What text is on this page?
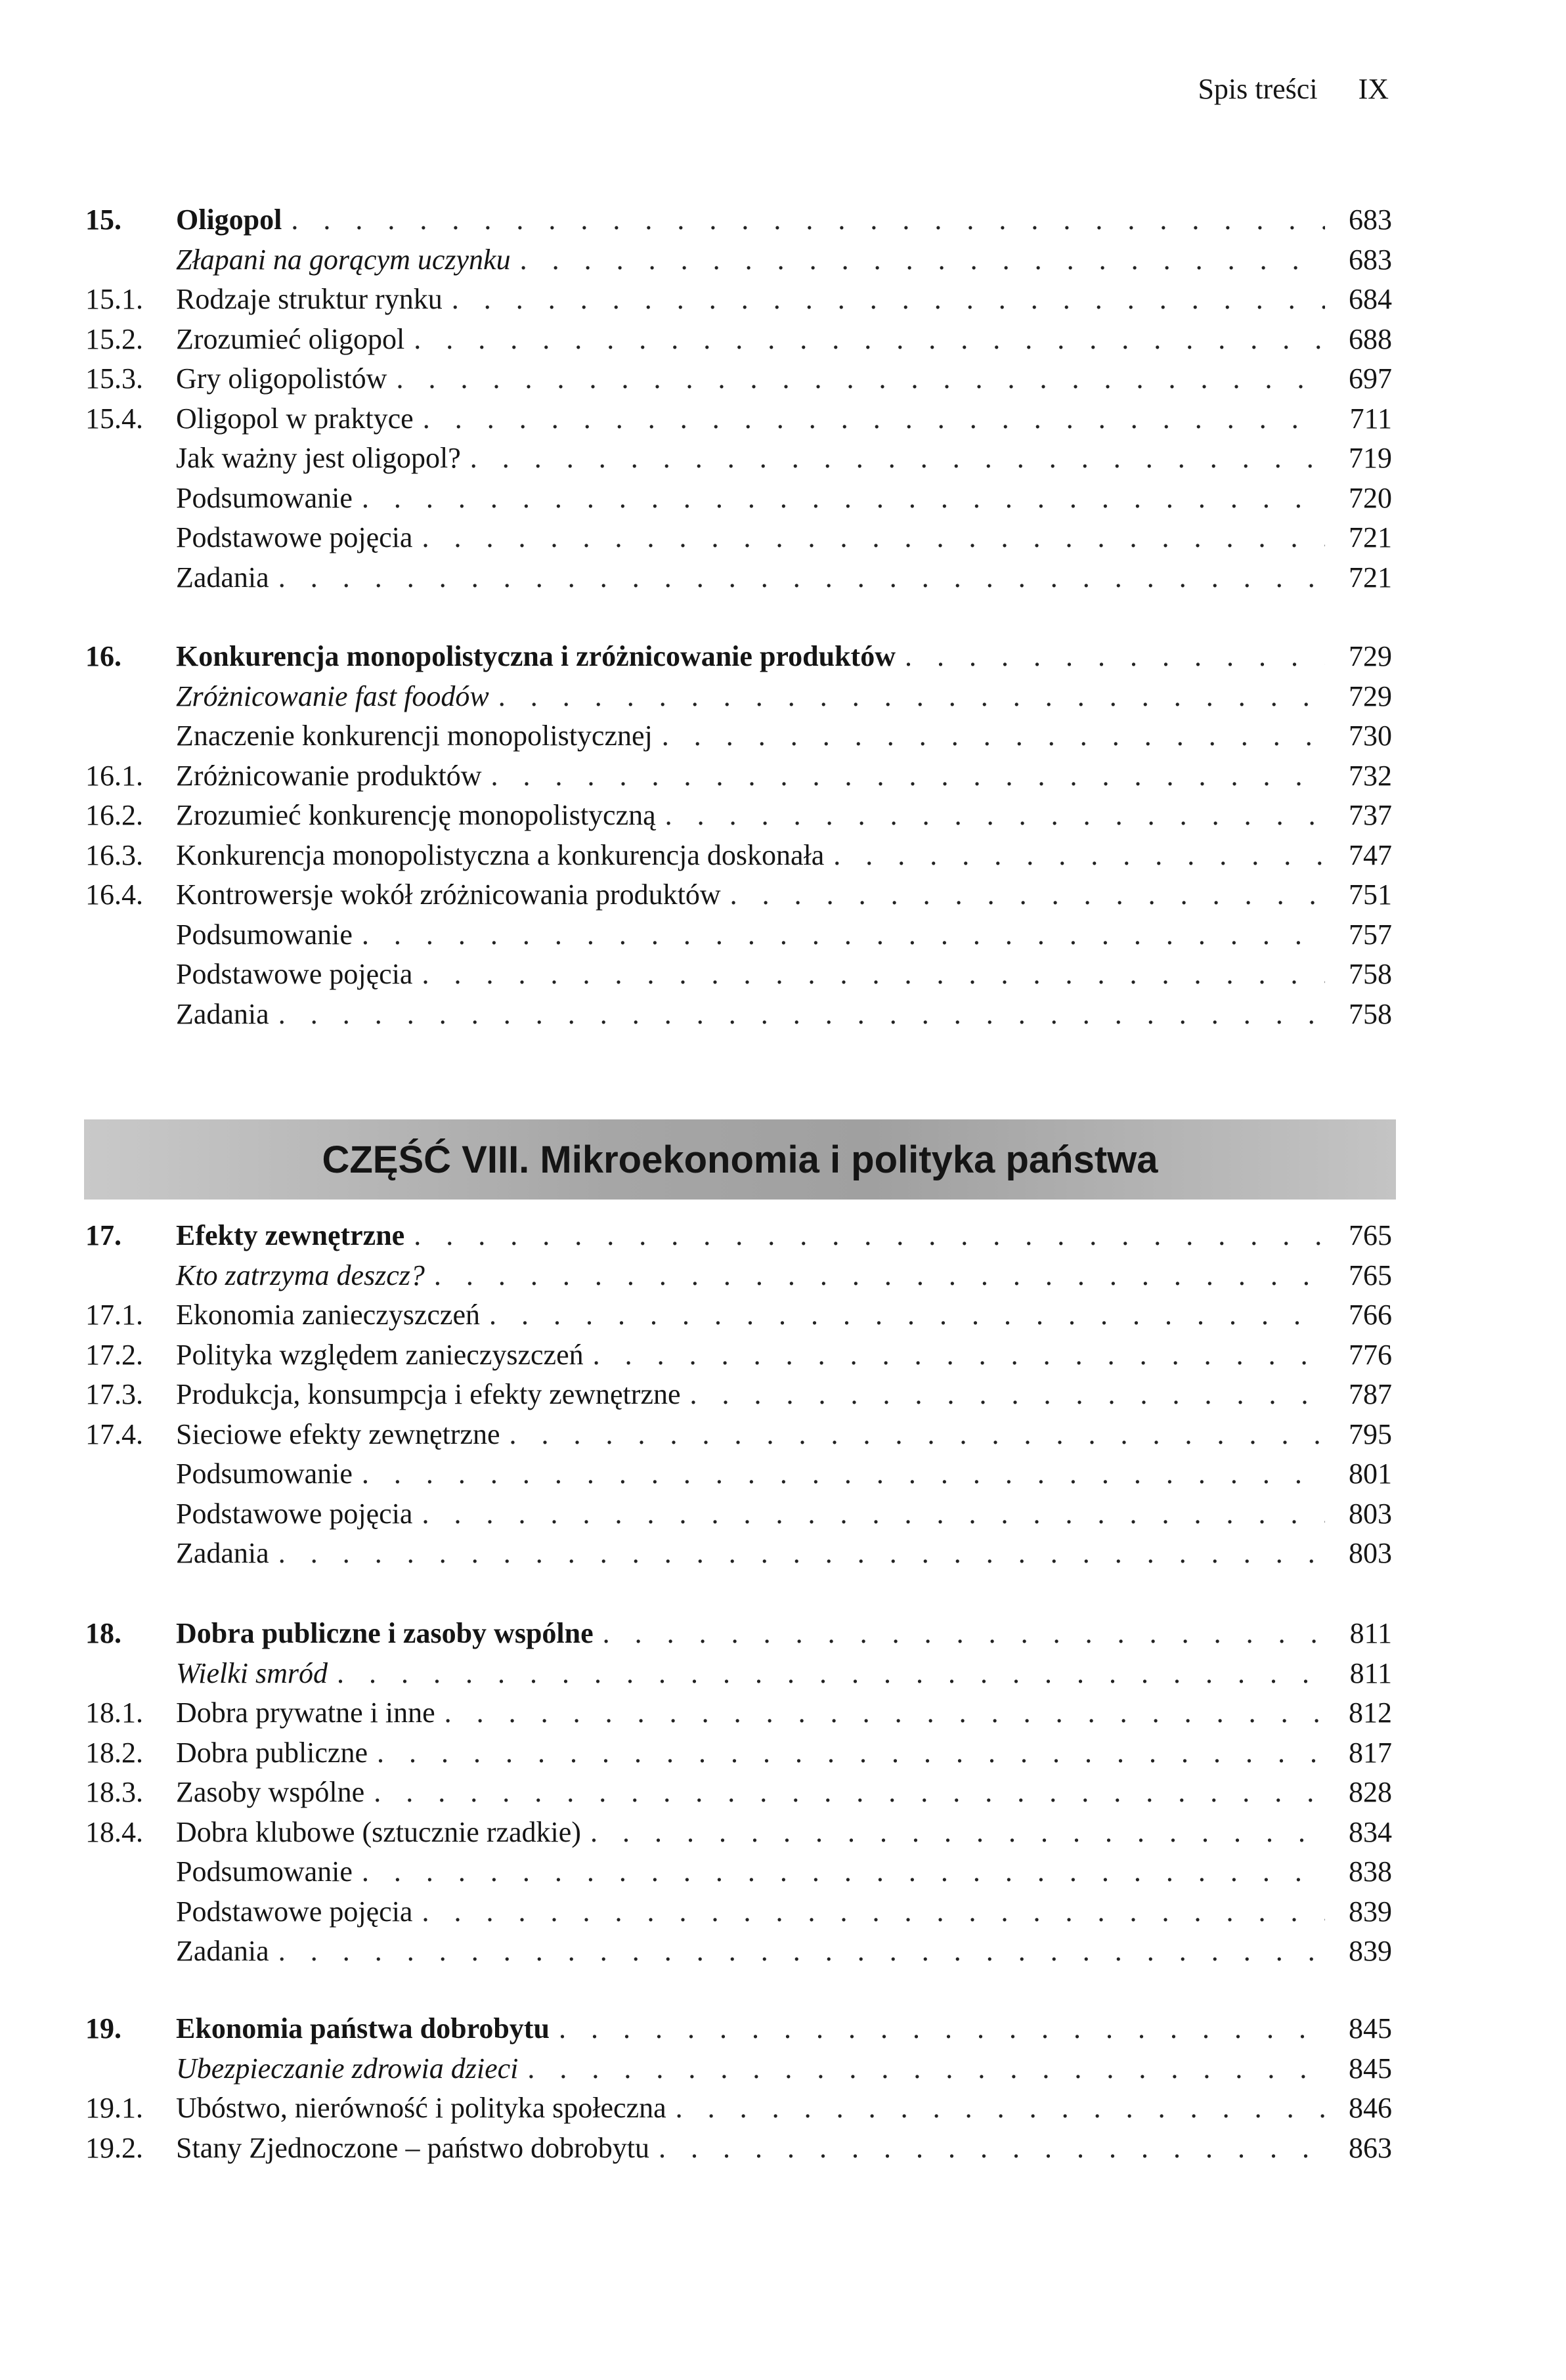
Spis treści IX
15.	Oligopol . . .	683
Złapani na gorącym uczynku . . .	683
15.1.	Rodzaje struktur rynku . . .	684
15.2.	Zrozumieć oligopol . . .	688
15.3.	Gry oligopolistów . . .	697
15.4.	Oligopol w praktyce . . .	711
Jak ważny jest oligopol? . . .	719
Podsumowanie . . .	720
Podstawowe pojęcia . . .	721
Zadania . . .	721
16.	Konkurencja monopolistyczna i zróżnicowanie produktów . . .	729
Zróżnicowanie fast foodów . . .	729
Znaczenie konkurencji monopolistycznej . . .	730
16.1.	Zróżnicowanie produktów . . .	732
16.2.	Zrozumieć konkurencję monopolistyczną . . .	737
16.3.	Konkurencja monopolistyczna a konkurencja doskonała . . .	747
16.4.	Kontrowersje wokół zróżnicowania produktów . . .	751
Podsumowanie . . .	757
Podstawowe pojęcia . . .	758
Zadania . . .	758
CZĘŚĆ VIII. Mikroekonomia i polityka państwa
17.	Efekty zewnętrzne . . .	765
Kto zatrzyma deszcz? . . .	765
17.1.	Ekonomia zanieczyszczeń . . .	766
17.2.	Polityka względem zanieczyszczeń . . .	776
17.3.	Produkcja, konsumpcja i efekty zewnętrzne . . .	787
17.4.	Sieciowe efekty zewnętrzne . . .	795
Podsumowanie . . .	801
Podstawowe pojęcia . . .	803
Zadania . . .	803
18.	Dobra publiczne i zasoby wspólne . . .	811
Wielki smród . . .	811
18.1.	Dobra prywatne i inne . . .	812
18.2.	Dobra publiczne . . .	817
18.3.	Zasoby wspólne . . .	828
18.4.	Dobra klubowe (sztucznie rzadkie) . . .	834
Podsumowanie . . .	838
Podstawowe pojęcia . . .	839
Zadania . . .	839
19.	Ekonomia państwa dobrobytu . . .	845
Ubezpieczanie zdrowia dzieci . . .	845
19.1.	Ubóstwo, nierówność i polityka społeczna . . .	846
19.2.	Stany Zjednoczone – państwo dobrobytu . . .	863
